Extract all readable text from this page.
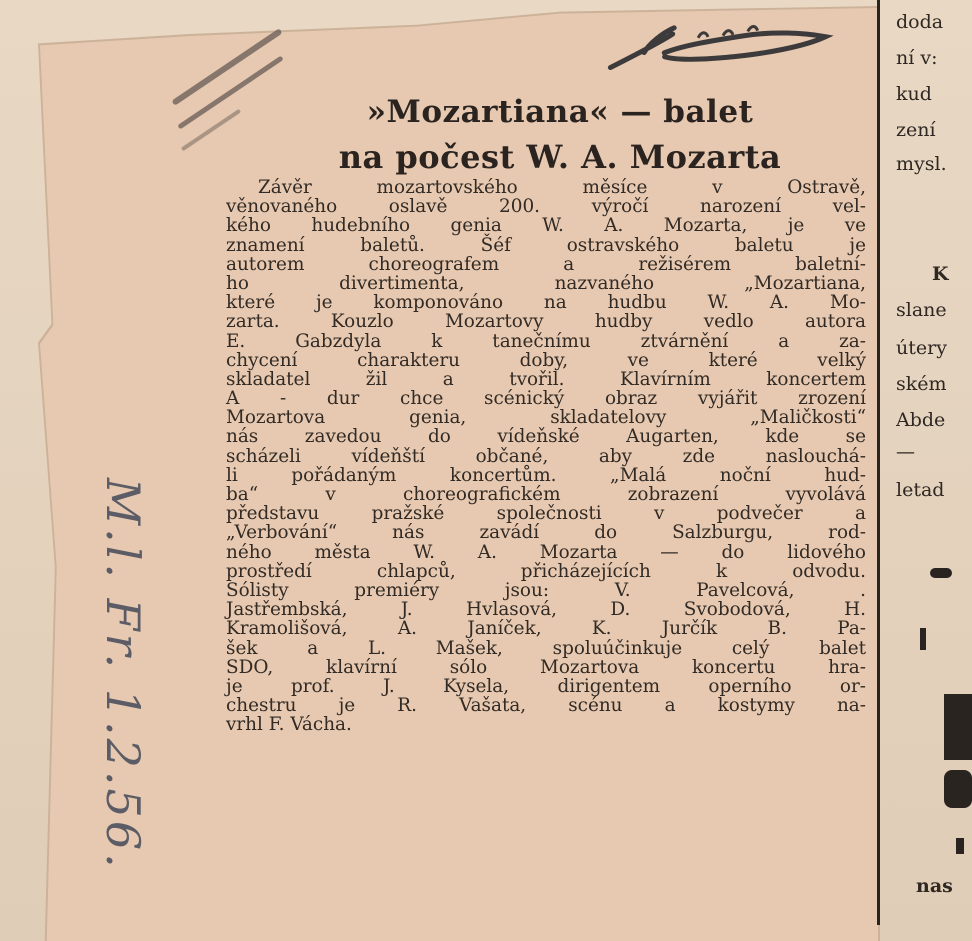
»Mozartiana« — balet
na počest W. A. Mozarta
Závěr mozartovského měsíce v Ostravě,
věnovaného oslavě 200. výročí narození vel-
kého hudebního genia W. A. Mozarta, je ve
znamení baletů. Šéf ostravského baletu je
autorem choreografem a režisérem baletní-
ho divertimenta, nazvaného „Mozartiana,
které je komponováno na hudbu W. A. Mo-
zarta. Kouzlo Mozartovy hudby vedlo autora
E. Gabzdyla k tanečnímu ztvárnění a za-
chycení charakteru doby, ve které velký
skladatel žil a tvořil. Klavírním koncertem
A - dur chce scénický obraz vyjářit zrození
Mozartova genia, skladatelovy „Maličkosti“
nás zavedou do vídeňské Augarten, kde se
scházeli vídeňští občané, aby zde naslouchá-
li pořádaným koncertům. „Malá noční hud-
ba“ v choreografickém zobrazení vyvolává
představu pražské společnosti v podvečer a
„Verbování“ nás zavádí do Salzburgu, rod-
ného města W. A. Mozarta — do lidového
prostředí chlapců, přicházejících k odvodu.
Sólisty premiéry jsou: V. Pavelcová, .
Jastřembská, J. Hvlasová, D. Svobodová, H.
Kramolišová, A. Janíček, K. Jurčík B. Pa-
šek a L. Mašek, spoluúčinkuje celý balet
SDO, klavírní sólo Mozartova koncertu hra-
je prof. J. Kysela, dirigentem operního or-
chestru je R. Vašata, scénu a kostymy na-
vrhl F. Vácha.
M.l. Fr. 1.2.56.
doda
ní v:
kud
zení
mysl.
K
slane
útery
ském
Abde
—
letad
nas
